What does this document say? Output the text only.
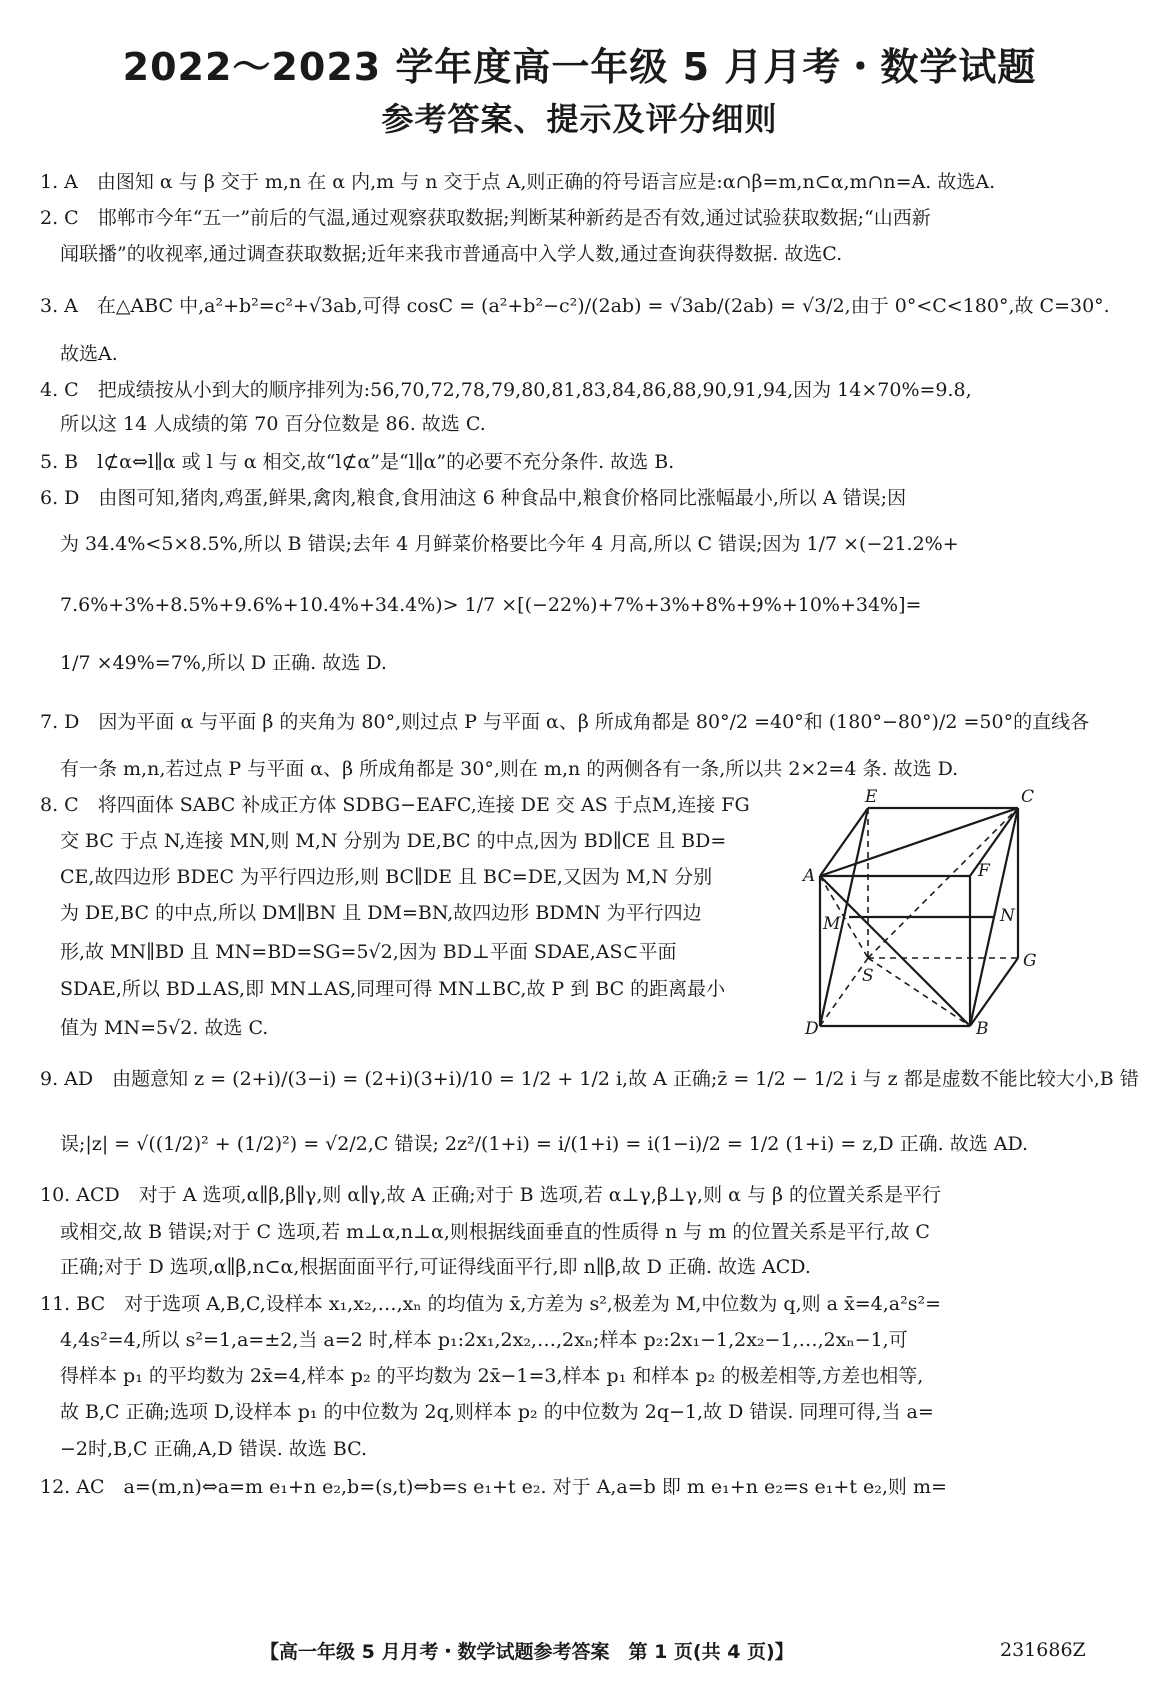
2022～2023 学年度高一年级 5 月月考・数学试题
参考答案、提示及评分细则
1. A　由图知 α 与 β 交于 m,n 在 α 内,m 与 n 交于点 A,则正确的符号语言应是:α∩β=m,n⊂α,m∩n=A. 故选A.
2. C　邯郸市今年“五一”前后的气温,通过观察获取数据;判断某种新药是否有效,通过试验获取数据;“山西新
闻联播”的收视率,通过调查获取数据;近年来我市普通高中入学人数,通过查询获得数据. 故选C.
3. A　在△ABC 中,a²+b²=c²+√3ab,可得 cosC = (a²+b²−c²)/(2ab) = √3ab/(2ab) = √3/2,由于 0°<C<180°,故 C=30°.
故选A.
4. C　把成绩按从小到大的顺序排列为:56,70,72,78,79,80,81,83,84,86,88,90,91,94,因为 14×70%=9.8,
所以这 14 人成绩的第 70 百分位数是 86. 故选 C.
5. B　l⊄α⇔l∥α 或 l 与 α 相交,故“l⊄α”是“l∥α”的必要不充分条件. 故选 B.
6. D　由图可知,猪肉,鸡蛋,鲜果,禽肉,粮食,食用油这 6 种食品中,粮食价格同比涨幅最小,所以 A 错误;因
为 34.4%<5×8.5%,所以 B 错误;去年 4 月鲜菜价格要比今年 4 月高,所以 C 错误;因为 1/7 ×(−21.2%+
7.6%+3%+8.5%+9.6%+10.4%+34.4%)> 1/7 ×[(−22%)+7%+3%+8%+9%+10%+34%]=
1/7 ×49%=7%,所以 D 正确. 故选 D.
7. D　因为平面 α 与平面 β 的夹角为 80°,则过点 P 与平面 α、β 所成角都是 80°/2 =40°和 (180°−80°)/2 =50°的直线各
有一条 m,n,若过点 P 与平面 α、β 所成角都是 30°,则在 m,n 的两侧各有一条,所以共 2×2=4 条. 故选 D.
8. C　将四面体 SABC 补成正方体 SDBG−EAFC,连接 DE 交 AS 于点M,连接 FG
交 BC 于点 N,连接 MN,则 M,N 分别为 DE,BC 的中点,因为 BD∥CE 且 BD=
CE,故四边形 BDEC 为平行四边形,则 BC∥DE 且 BC=DE,又因为 M,N 分别
为 DE,BC 的中点,所以 DM∥BN 且 DM=BN,故四边形 BDMN 为平行四边
形,故 MN∥BD 且 MN=BD=SG=5√2,因为 BD⊥平面 SDAE,AS⊂平面
SDAE,所以 BD⊥AS,即 MN⊥AS,同理可得 MN⊥BC,故 P 到 BC 的距离最小
值为 MN=5√2. 故选 C.
9. AD　由题意知 z = (2+i)/(3−i) = (2+i)(3+i)/10 = 1/2 + 1/2 i,故 A 正确;z̄ = 1/2 − 1/2 i 与 z 都是虚数不能比较大小,B 错
误;|z| = √((1/2)² + (1/2)²) = √2/2,C 错误; 2z²/(1+i) = i/(1+i) = i(1−i)/2 = 1/2 (1+i) = z,D 正确. 故选 AD.
10. ACD　对于 A 选项,α∥β,β∥γ,则 α∥γ,故 A 正确;对于 B 选项,若 α⊥γ,β⊥γ,则 α 与 β 的位置关系是平行
或相交,故 B 错误;对于 C 选项,若 m⊥α,n⊥α,则根据线面垂直的性质得 n 与 m 的位置关系是平行,故 C
正确;对于 D 选项,α∥β,n⊂α,根据面面平行,可证得线面平行,即 n∥β,故 D 正确. 故选 ACD.
11. BC　对于选项 A,B,C,设样本 x₁,x₂,…,xₙ 的均值为 x̄,方差为 s²,极差为 M,中位数为 q,则 a x̄=4,a²s²=
4,4s²=4,所以 s²=1,a=±2,当 a=2 时,样本 p₁:2x₁,2x₂,…,2xₙ;样本 p₂:2x₁−1,2x₂−1,…,2xₙ−1,可
得样本 p₁ 的平均数为 2x̄=4,样本 p₂ 的平均数为 2x̄−1=3,样本 p₁ 和样本 p₂ 的极差相等,方差也相等,
故 B,C 正确;选项 D,设样本 p₁ 的中位数为 2q,则样本 p₂ 的中位数为 2q−1,故 D 错误. 同理可得,当 a=
−2时,B,C 正确,A,D 错误. 故选 BC.
12. AC　a=(m,n)⇔a=m e₁+n e₂,b=(s,t)⇔b=s e₁+t e₂. 对于 A,a=b 即 m e₁+n e₂=s e₁+t e₂,则 m=
E	C
A	F
M	N
S
G
D	B
【高一年级 5 月月考・数学试题参考答案　第 1 页(共 4 页)】	231686Z
